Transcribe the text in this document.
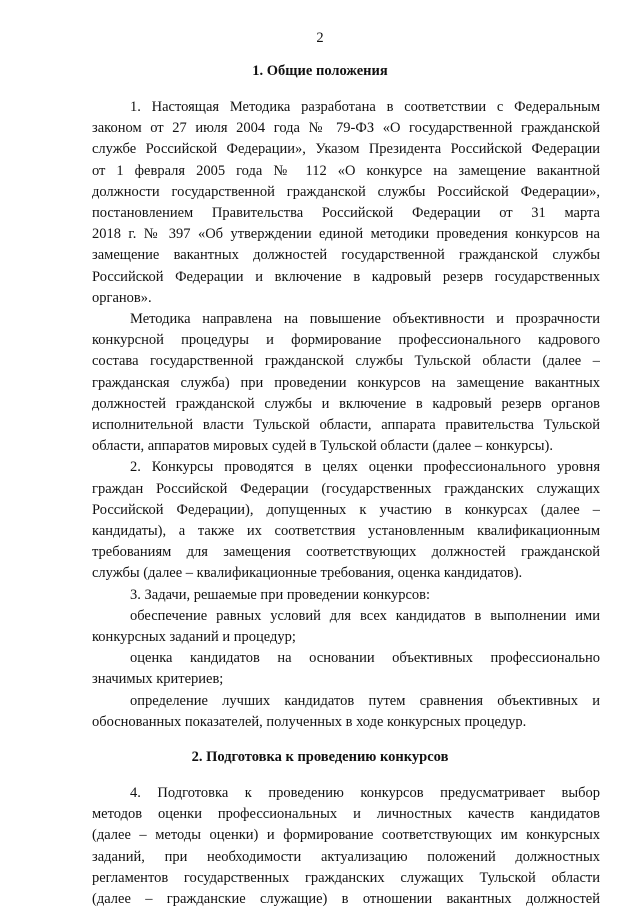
2
1. Общие положения
1. Настоящая Методика разработана в соответствии с Федеральным
законом от 27 июля 2004 года № 79-ФЗ «О государственной гражданской
службе Российской Федерации», Указом Президента Российской Федерации
от 1 февраля 2005 года № 112 «О конкурсе на замещение вакантной
должности государственной гражданской службы Российской Федерации»,
постановлением Правительства Российской Федерации от 31 марта
2018 г. № 397 «Об утверждении единой методики проведения конкурсов на
замещение вакантных должностей государственной гражданской службы
Российской Федерации и включение в кадровый резерв государственных
органов».
Методика направлена на повышение объективности и прозрачности
конкурсной процедуры и формирование профессионального кадрового
состава государственной гражданской службы Тульской области (далее –
гражданская служба) при проведении конкурсов на замещение вакантных
должностей гражданской службы и включение в кадровый резерв органов
исполнительной власти Тульской области, аппарата правительства Тульской
области, аппаратов мировых судей в Тульской области (далее – конкурсы).
2. Конкурсы проводятся в целях оценки профессионального уровня
граждан Российской Федерации (государственных гражданских служащих
Российской Федерации), допущенных к участию в конкурсах (далее –
кандидаты), а также их соответствия установленным квалификационным
требованиям для замещения соответствующих должностей гражданской
службы (далее – квалификационные требования, оценка кандидатов).
3. Задачи, решаемые при проведении конкурсов:
обеспечение равных условий для всех кандидатов в выполнении ими
конкурсных заданий и процедур;
оценка кандидатов на основании объективных профессионально
значимых критериев;
определение лучших кандидатов путем сравнения объективных и
обоснованных показателей, полученных в ходе конкурсных процедур.
2. Подготовка к проведению конкурсов
4. Подготовка к проведению конкурсов предусматривает выбор
методов оценки профессиональных и личностных качеств кандидатов
(далее – методы оценки) и формирование соответствующих им конкурсных
заданий, при необходимости актуализацию положений должностных
регламентов государственных гражданских служащих Тульской области
(далее – гражданские служащие) в отношении вакантных должностей
